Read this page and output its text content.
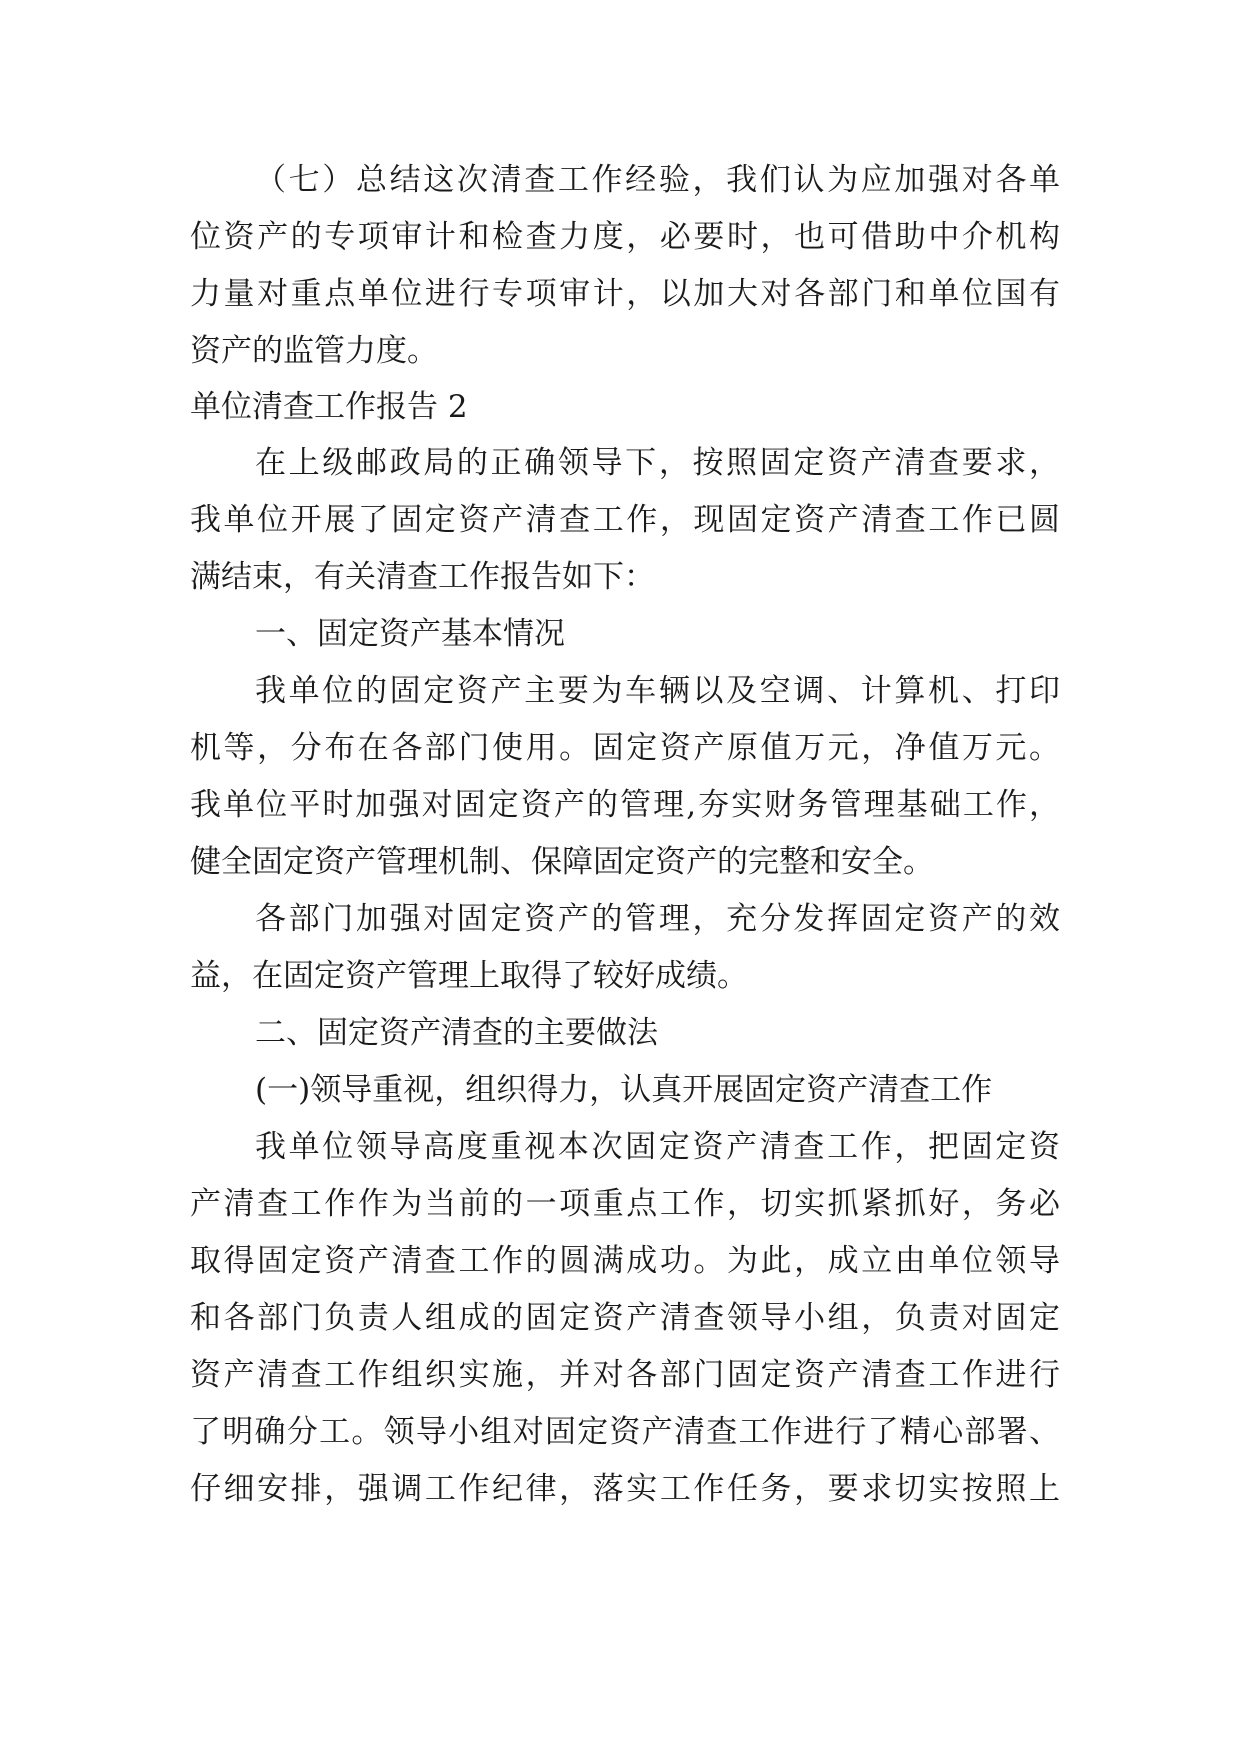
（七）总结这次清查工作经验，我们认为应加强对各单
位资产的专项审计和检查力度，必要时，也可借助中介机构
力量对重点单位进行专项审计，以加大对各部门和单位国有
资产的监管力度。
单位清查工作报告 2
在上级邮政局的正确领导下，按照固定资产清查要求，
我单位开展了固定资产清查工作，现固定资产清查工作已圆
满结束，有关清查工作报告如下：
一、固定资产基本情况
我单位的固定资产主要为车辆以及空调、计算机、打印
机等，分布在各部门使用。固定资产原值万元，净值万元。
我单位平时加强对固定资产的管理,夯实财务管理基础工作，
健全固定资产管理机制、保障固定资产的完整和安全。
各部门加强对固定资产的管理，充分发挥固定资产的效
益，在固定资产管理上取得了较好成绩。
二、固定资产清查的主要做法
(一)领导重视，组织得力，认真开展固定资产清查工作
我单位领导高度重视本次固定资产清查工作，把固定资
产清查工作作为当前的一项重点工作，切实抓紧抓好，务必
取得固定资产清查工作的圆满成功。为此，成立由单位领导
和各部门负责人组成的固定资产清查领导小组，负责对固定
资产清查工作组织实施，并对各部门固定资产清查工作进行
了明确分工。领导小组对固定资产清查工作进行了精心部署、
仔细安排，强调工作纪律，落实工作任务，要求切实按照上
